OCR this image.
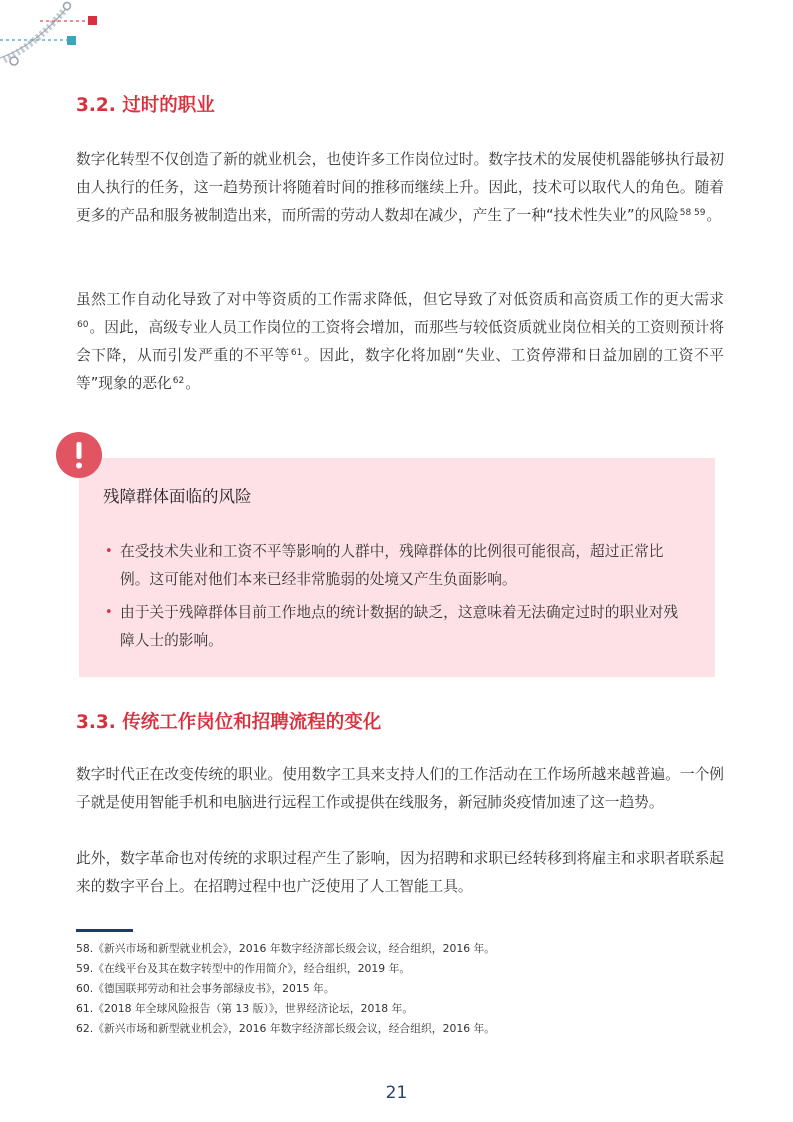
3.2. 过时的职业

数字化转型不仅创造了新的就业机会，也使许多工作岗位过时。数字技术的发展使机器能够执行最初由人执行的任务，这一趋势预计将随着时间的推移而继续上升。因此，技术可以取代人的角色。随着更多的产品和服务被制造出来，而所需的劳动人数却在减少，产生了一种“技术性失业”的风险$^{58 59}$。

虽然工作自动化导致了对中等资质的工作需求降低，但它导致了对低资质和高资质工作的更大需求$^{60}$。因此，高级专业人员工作岗位的工资将会增加，而那些与较低资质就业岗位相关的工资则预计将会下降，从而引发严重的不平等$^{61}$。因此，数字化将加剧“失业、工资停滞和日益加剧的工资不平等”现象的恶化$^{62}$。

残障群体面临的风险
• 在受技术失业和工资不平等影响的人群中，残障群体的比例很可能很高，超过正常比例。这可能对他们本来已经非常脆弱的处境又产生负面影响。
• 由于关于残障群体目前工作地点的统计数据的缺乏，这意味着无法确定过时的职业对残障人士的影响。
3.3. 传统工作岗位和招聘流程的变化

数字时代正在改变传统的职业。使用数字工具来支持人们的工作活动在工作场所越来越普遍。一个例子就是使用智能手机和电脑进行远程工作或提供在线服务，新冠肺炎疫情加速了这一趋势。

此外，数字革命也对传统的求职过程产生了影响，因为招聘和求职已经转移到将雇主和求职者联系起来的数字平台上。在招聘过程中也广泛使用了人工智能工具。

58.《新兴市场和新型就业机会》，2016 年数字经济部长级会议，经合组织，2016 年。
59.《在线平台及其在数字转型中的作用简介》，经合组织，2019 年。
60.《德国联邦劳动和社会事务部绿皮书》，2015 年。
61.《2018 年全球风险报告（第 13 版）》，世界经济论坛，2018 年。
62.《新兴市场和新型就业机会》，2016 年数字经济部长级会议，经合组织，2016 年。
21
